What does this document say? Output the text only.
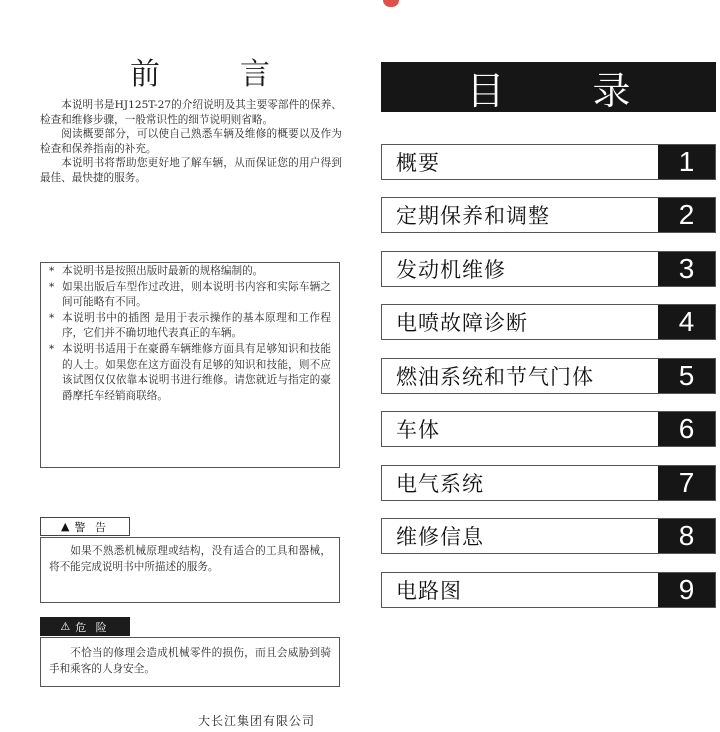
前	言

本说明书是HJ125T-27的介绍说明及其主要零部件的保养、检查和维修步骤，一般常识性的细节说明则省略。

阅读概要部分，可以使自己熟悉车辆及维修的概要以及作为检查和保养指南的补充。

本说明书将帮助您更好地了解车辆，从而保证您的用户得到最佳、最快捷的服务。

* 本说明书是按照出版时最新的规格编制的。
* 如果出版后车型作过改进，则本说明书内容和实际车辆之间可能略有不同。
* 本说明书中的插图 是用于表示操作的基本原理和工作程序，它们并不确切地代表真正的车辆。
* 本说明书适用于在豪爵车辆维修方面具有足够知识和技能的人士。如果您在这方面没有足够的知识和技能，则不应该试图仅仅依靠本说明书进行维修。请您就近与指定的豪爵摩托车经销商联络。
▲ 警 告

如果不熟悉机械原理或结构，没有适合的工具和器械，将不能完成说明书中所描述的服务。

⚠ 危 险

不恰当的修理会造成机械零件的损伤，而且会威胁到骑手和乘客的人身安全。

大长江集团有限公司
目 录
概要	1
定期保养和调整	2
发动机维修	3
电喷故障诊断	4
燃油系统和节气门体	5
车体	6
电气系统	7
维修信息	8
电路图	9
